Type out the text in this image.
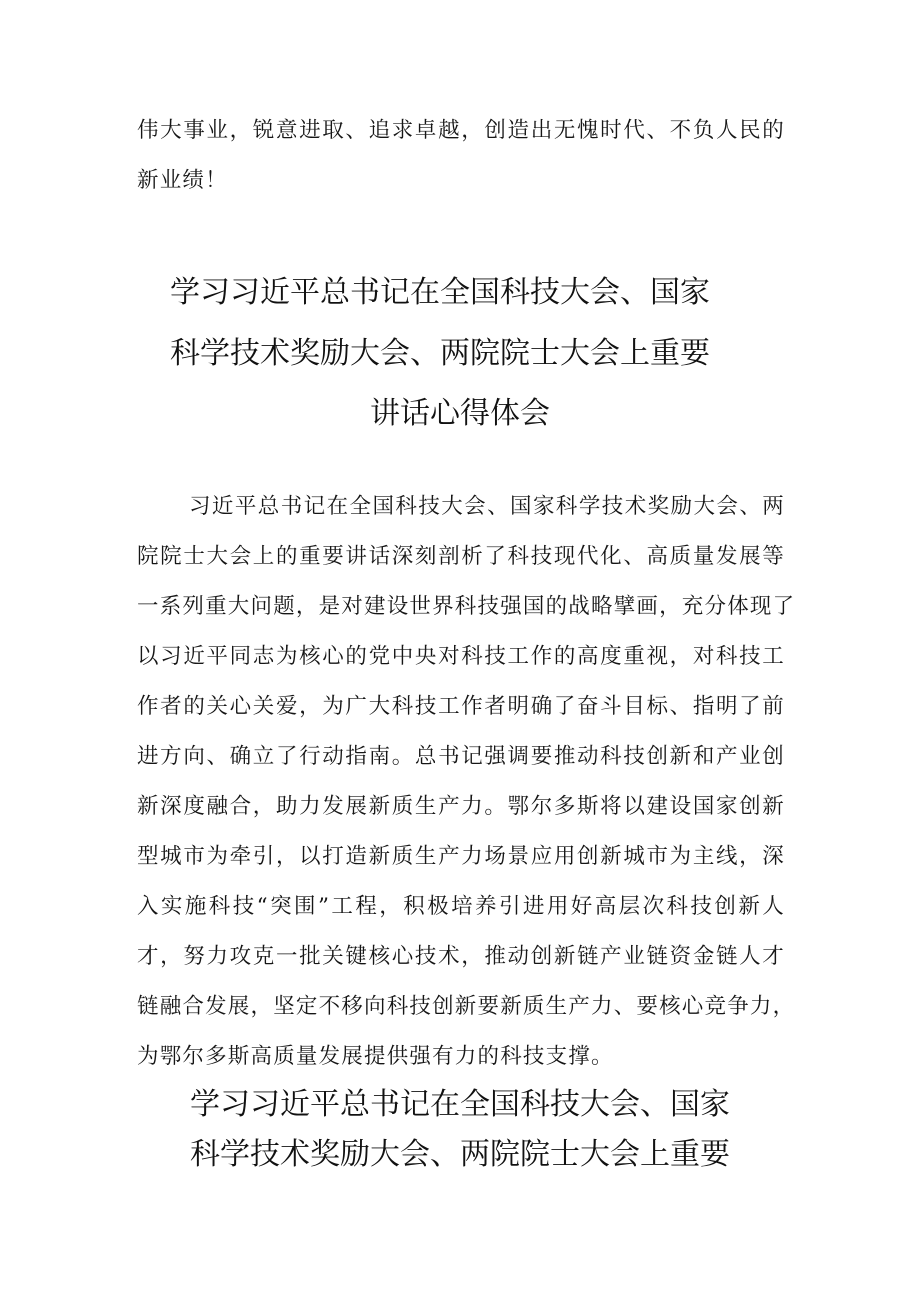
伟大事业，锐意进取、追求卓越，创造出无愧时代、不负人民的
新业绩！
学习习近平总书记在全国科技大会、国家
科学技术奖励大会、两院院士大会上重要
讲话心得体会
习近平总书记在全国科技大会、国家科学技术奖励大会、两
院院士大会上的重要讲话深刻剖析了科技现代化、高质量发展等
一系列重大问题，是对建设世界科技强国的战略擘画，充分体现了
以习近平同志为核心的党中央对科技工作的高度重视，对科技工
作者的关心关爱，为广大科技工作者明确了奋斗目标、指明了前
进方向、确立了行动指南。总书记强调要推动科技创新和产业创
新深度融合，助力发展新质生产力。鄂尔多斯将以建设国家创新
型城市为牵引，以打造新质生产力场景应用创新城市为主线，深
入实施科技“突围”工程，积极培养引进用好高层次科技创新人
才，努力攻克一批关键核心技术，推动创新链产业链资金链人才
链融合发展，坚定不移向科技创新要新质生产力、要核心竞争力，
为鄂尔多斯高质量发展提供强有力的科技支撑。
学习习近平总书记在全国科技大会、国家
科学技术奖励大会、两院院士大会上重要
